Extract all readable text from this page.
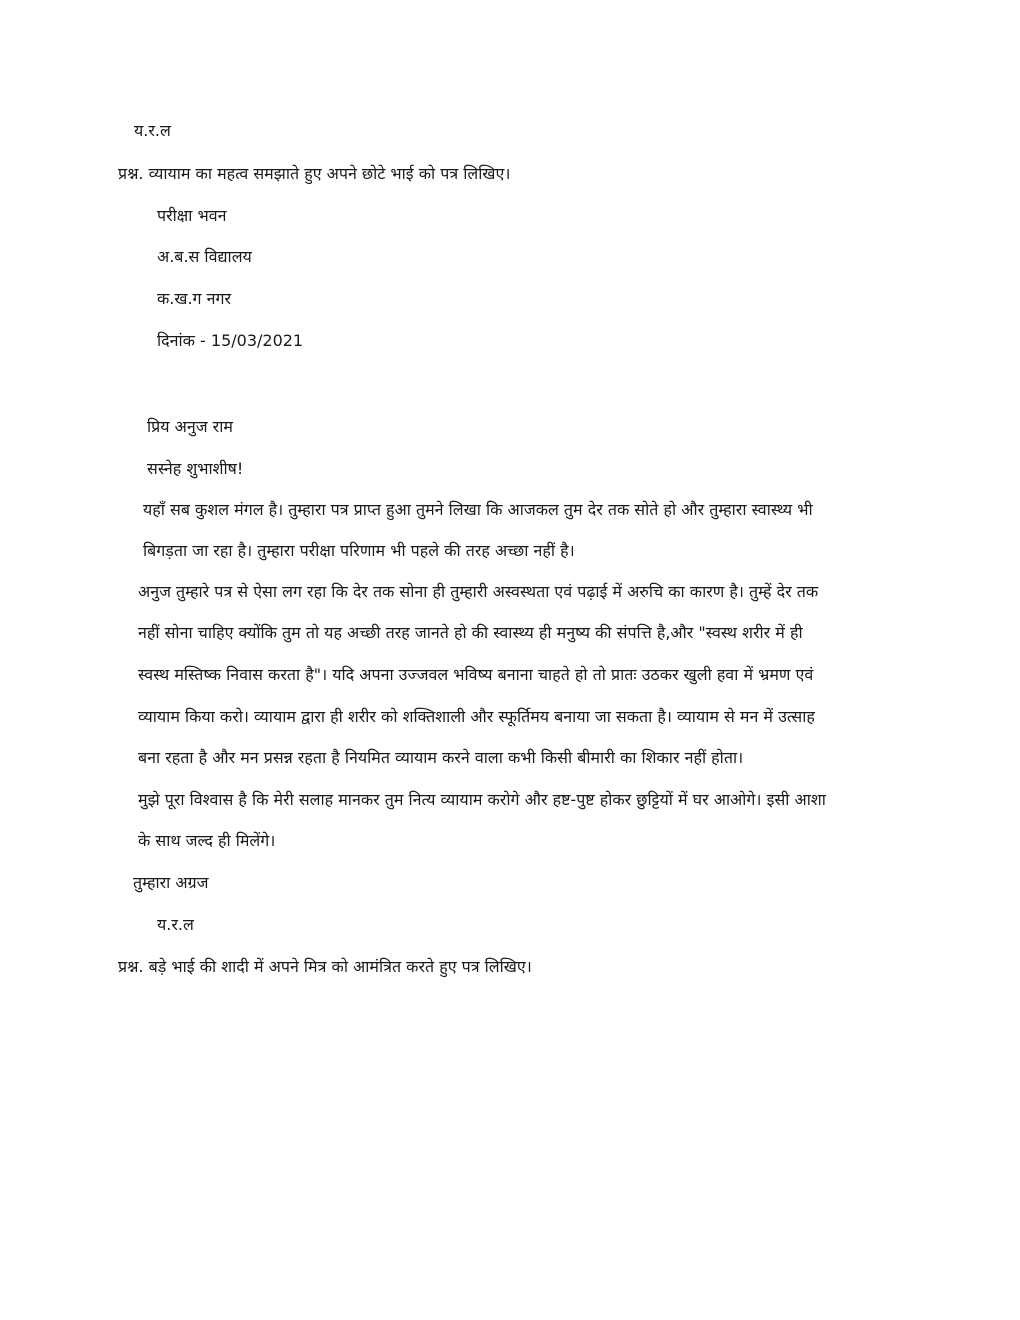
य.र.ल
प्रश्न. व्यायाम का महत्व समझाते हुए अपने छोटे भाई को पत्र लिखिए।
परीक्षा भवन
अ.ब.स विद्यालय
क.ख.ग नगर
दिनांक - 15/03/2021
प्रिय अनुज राम
सस्नेह शुभाशीष!
यहाँ सब कुशल मंगल है। तुम्हारा पत्र प्राप्त हुआ तुमने लिखा कि आजकल तुम देर तक सोते हो और तुम्हारा स्वास्थ्य भी
बिगड़ता जा रहा है। तुम्हारा परीक्षा परिणाम भी पहले की तरह अच्छा नहीं है।
अनुज तुम्हारे पत्र से ऐसा लग रहा कि देर तक सोना ही तुम्हारी अस्वस्थता एवं पढ़ाई में अरुचि का कारण है। तुम्हें देर तक
नहीं सोना चाहिए क्योंकि तुम तो यह अच्छी तरह जानते हो की स्वास्थ्य ही मनुष्य की संपत्ति है,और "स्वस्थ शरीर में ही
स्वस्थ मस्तिष्क निवास करता है"। यदि अपना उज्जवल भविष्य बनाना चाहते हो तो प्रातः उठकर खुली हवा में भ्रमण एवं
व्यायाम किया करो। व्यायाम द्वारा ही शरीर को शक्तिशाली और स्फूर्तिमय बनाया जा सकता है। व्यायाम से मन में उत्साह
बना रहता है और मन प्रसन्न रहता है नियमित व्यायाम करने वाला कभी किसी बीमारी का शिकार नहीं होता।
मुझे पूरा विश्वास है कि मेरी सलाह मानकर तुम नित्य व्यायाम करोगे और हष्ट-पुष्ट होकर छुट्टियों में घर आओगे। इसी आशा
के साथ जल्द ही मिलेंगे।
तुम्हारा अग्रज
य.र.ल
प्रश्न. बड़े भाई की शादी में अपने मित्र को आमंत्रित करते हुए पत्र लिखिए।
